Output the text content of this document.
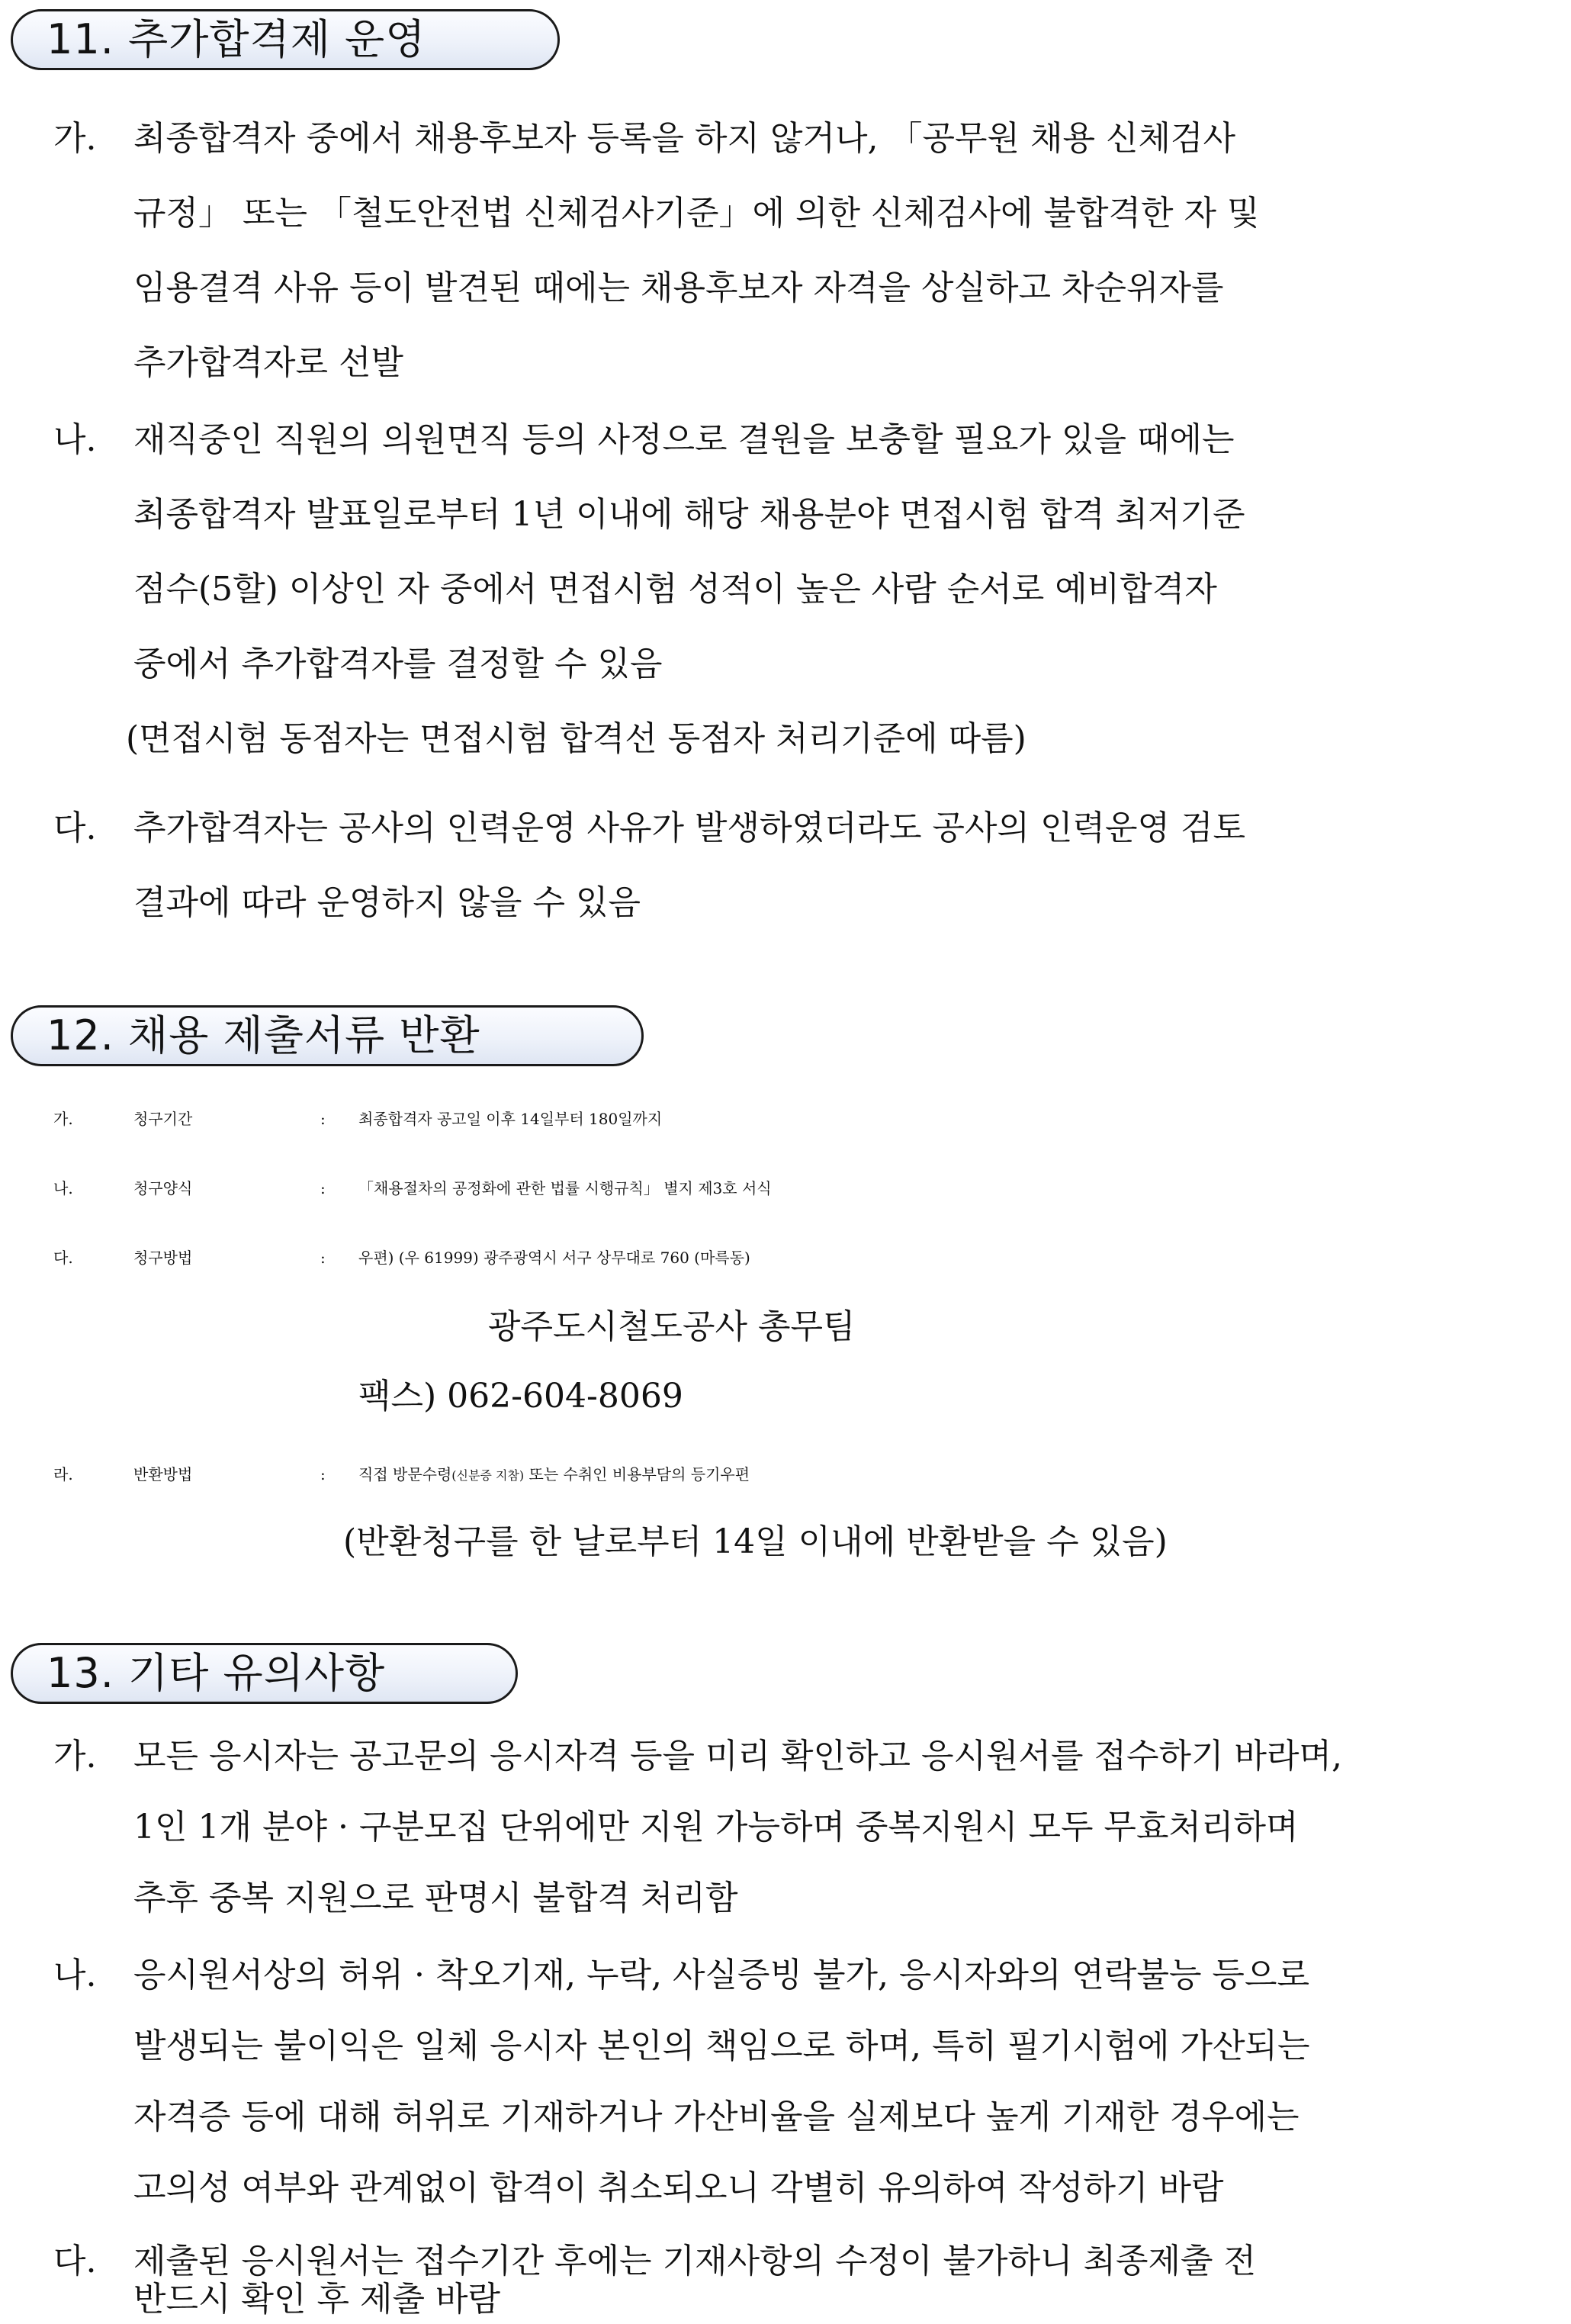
11. 추가합격제 운영
가. 최종합격자 중에서 채용후보자 등록을 하지 않거나, 「공무원 채용 신체검사
규정」 또는 「철도안전법 신체검사기준」에 의한 신체검사에 불합격한 자 및
임용결격 사유 등이 발견된 때에는 채용후보자 자격을 상실하고 차순위자를
추가합격자로 선발
나. 재직중인 직원의 의원면직 등의 사정으로 결원을 보충할 필요가 있을 때에는
최종합격자 발표일로부터 1년 이내에 해당 채용분야 면접시험 합격 최저기준
점수(5할) 이상인 자 중에서 면접시험 성적이 높은 사람 순서로 예비합격자
중에서 추가합격자를 결정할 수 있음
(면접시험 동점자는 면접시험 합격선 동점자 처리기준에 따름)
다. 추가합격자는 공사의 인력운영 사유가 발생하였더라도 공사의 인력운영 검토
결과에 따라 운영하지 않을 수 있음
12. 채용 제출서류 반환
가.	청구기간	: 최종합격자 공고일 이후 14일부터 180일까지
나.	청구양식	: 「채용절차의 공정화에 관한 법률 시행규칙」 별지 제3호 서식
다.	청구방법	: 우편) (우 61999) 광주광역시 서구 상무대로 760 (마륵동)
광주도시철도공사 총무팀
팩스) 062-604-8069
라.	반환방법	: 직접 방문수령(신분증 지참) 또는 수취인 비용부담의 등기우편
(반환청구를 한 날로부터 14일 이내에 반환받을 수 있음)
13. 기타 유의사항
가. 모든 응시자는 공고문의 응시자격 등을 미리 확인하고 응시원서를 접수하기 바라며,
1인 1개 분야 · 구분모집 단위에만 지원 가능하며 중복지원시 모두 무효처리하며
추후 중복 지원으로 판명시 불합격 처리함
나. 응시원서상의 허위 · 착오기재, 누락, 사실증빙 불가, 응시자와의 연락불능 등으로
발생되는 불이익은 일체 응시자 본인의 책임으로 하며, 특히 필기시험에 가산되는
자격증 등에 대해 허위로 기재하거나 가산비율을 실제보다 높게 기재한 경우에는
고의성 여부와 관계없이 합격이 취소되오니 각별히 유의하여 작성하기 바람
다. 제출된 응시원서는 접수기간 후에는 기재사항의 수정이 불가하니 최종제출 전
반드시 확인 후 제출 바람
